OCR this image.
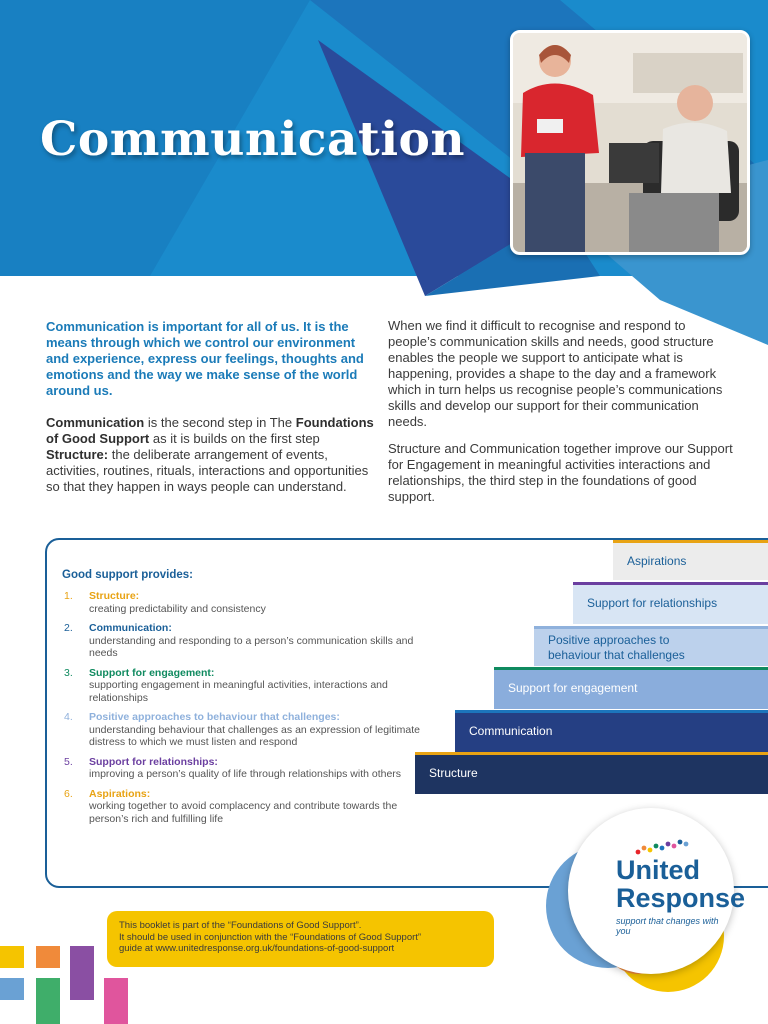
Communication

Communication is important for all of us. It is the means through which we control our environment and experience, express our feelings, thoughts and emotions and the way we make sense of the world around us.

Communication is the second step in The Foundations of Good Support as it is builds on the first step Structure: the deliberate arrangement of events, activities, routines, rituals, interactions and opportunities so that they happen in ways people can understand.

When we find it difficult to recognise and respond to people’s communication skills and needs, good structure enables the people we support to anticipate what is happening, provides a shape to the day and a framework which in turn helps us recognise people’s communications skills and develop our support for their communication needs.

Structure and Communication together improve our Support for Engagement in meaningful activities interactions and relationships, the third step in the foundations of good support.

Good support provides:

1.	Structure:
creating predictability and consistency
2.	Communication:
understanding and responding to a person’s communication skills and needs
3.	Support for engagement:
supporting engagement in meaningful activities, interactions and relationships
4.	Positive approaches to behaviour that challenges:
understanding behaviour that challenges as an expression of legitimate distress to which we must listen and respond
5.	Support for relationships:
improving a person’s quality of life through relationships with others
6.	Aspirations:
working together to avoid complacency and contribute towards the person’s rich and fulfilling life
Aspirations
Support for relationships
Positive approaches to behaviour that challenges
Support for engagement
Communication
Structure
United
Response
support that changes with you
This booklet is part of the “Foundations of Good Support”.
It should be used in conjunction with the “Foundations of Good Support”
guide at www.unitedresponse.org.uk/foundations-of-good-support
